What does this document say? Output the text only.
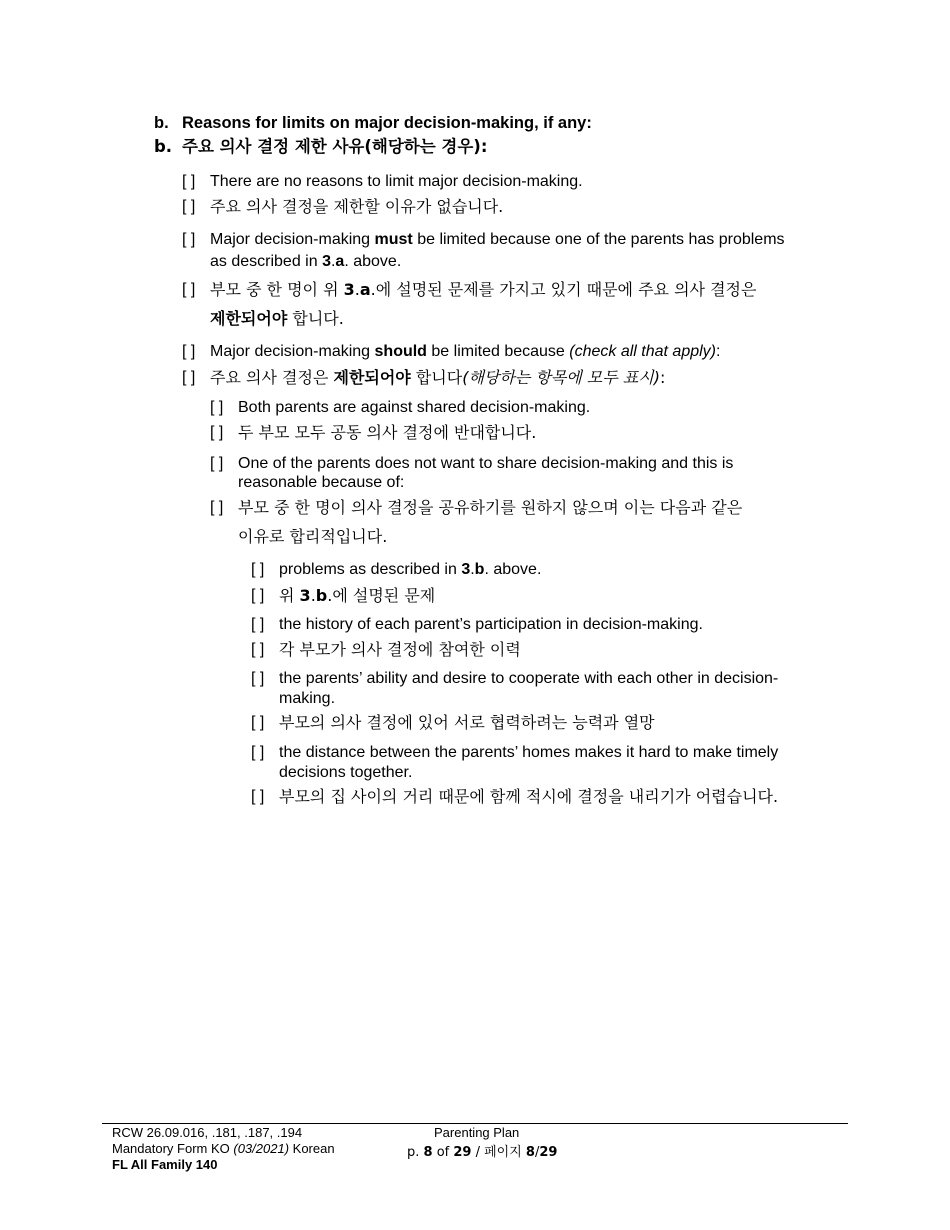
b. Reasons for limits on major decision-making, if any:
b. 주요 의사 결정 제한 사유(해당하는 경우):
[ ] There are no reasons to limit major decision-making.
[ ] 주요 의사 결정을 제한할 이유가 없습니다.
[ ] Major decision-making must be limited because one of the parents has problems
as described in 3.a. above.
[ ] 부모 중 한 명이 위 3.a.에 설명된 문제를 가지고 있기 때문에 주요 의사 결정은
제한되어야 합니다.
[ ] Major decision-making should be limited because (check all that apply):
[ ] 주요 의사 결정은 제한되어야 합니다(해당하는 항목에 모두 표시):
[ ] Both parents are against shared decision-making.
[ ] 두 부모 모두 공동 의사 결정에 반대합니다.
[ ] One of the parents does not want to share decision-making and this is
reasonable because of:
[ ] 부모 중 한 명이 의사 결정을 공유하기를 원하지 않으며 이는 다음과 같은
이유로 합리적입니다.
[ ] problems as described in 3.b. above.
[ ] 위 3.b.에 설명된 문제
[ ] the history of each parent’s participation in decision-making.
[ ] 각 부모가 의사 결정에 참여한 이력
[ ] the parents’ ability and desire to cooperate with each other in decision-
making.
[ ] 부모의 의사 결정에 있어 서로 협력하려는 능력과 열망
[ ] the distance between the parents’ homes makes it hard to make timely
decisions together.
[ ] 부모의 집 사이의 거리 때문에 함께 적시에 결정을 내리기가 어렵습니다.
RCW 26.09.016, .181, .187, .194
Mandatory Form KO (03/2021) Korean
FL All Family 140
Parenting Plan
p. 8 of 29 / 페이지 8/29
